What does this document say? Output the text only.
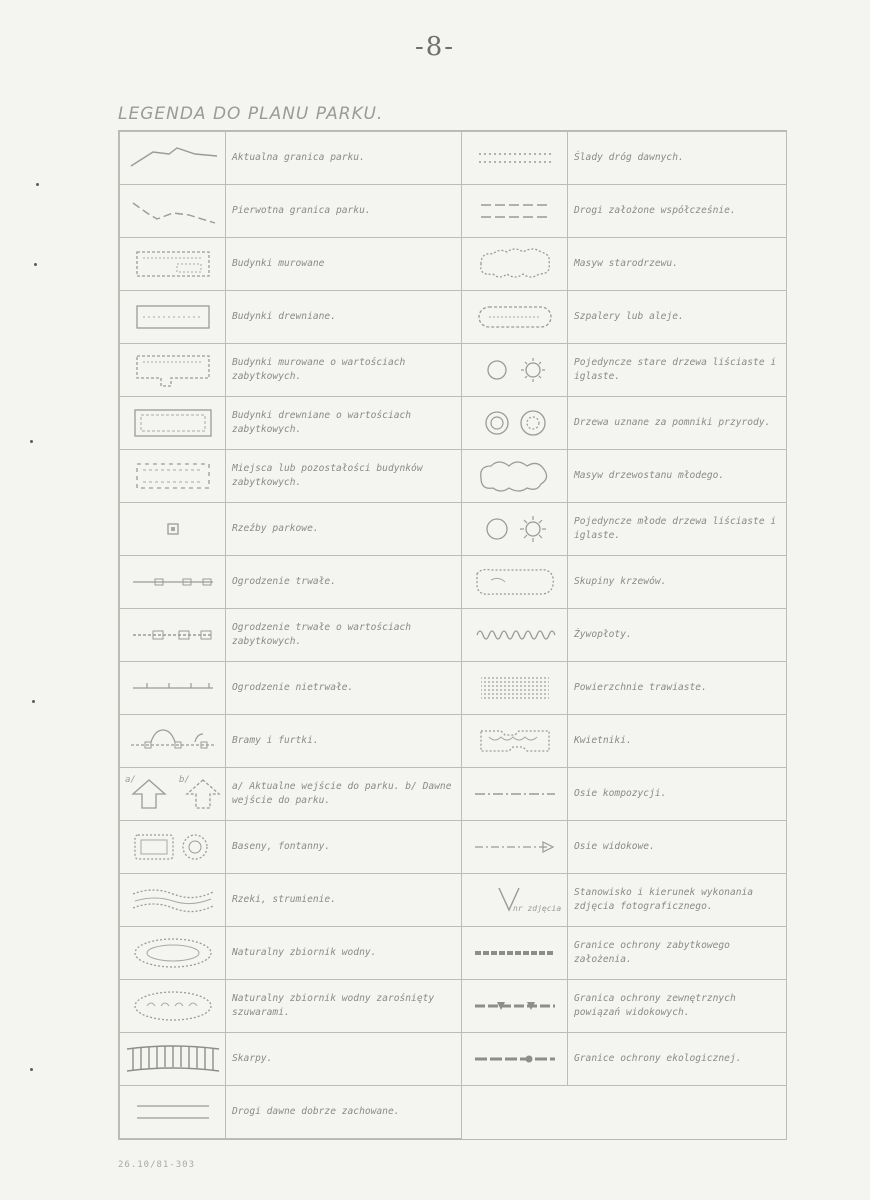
-8-
LEGENDA DO PLANU PARKU.
	Aktualna granica parku.		Ślady dróg dawnych.

	Pierwotna granica parku.		Drogi założone współcześnie.

	Budynki murowane		Masyw starodrzewu.

	Budynki drewniane.		Szpalery lub aleje.

	Budynki murowane o wartościach zabytkowych.		Pojedyncze stare drzewa liściaste i iglaste.

	Budynki drewniane o wartościach zabytkowych.		Drzewa uznane za pomniki przyrody.

	Miejsca lub pozostałości budynków zabytkowych.		Masyw drzewostanu młodego.

	Rzeźby parkowe.		Pojedyncze młode drzewa liściaste i iglaste.

	Ogrodzenie trwałe.		Skupiny krzewów.

	Ogrodzenie trwałe o wartościach zabytkowych.		Żywopłoty.

	Ogrodzenie nietrwałe.		Powierzchnie trawiaste.

	Bramy i furtki.		Kwietniki.

a/ b/	a/ Aktualne wejście do parku. b/ Dawne wejście do parku.		Osie kompozycji.

	Baseny, fontanny.		Osie widokowe.

	Rzeki, strumienie.	nr zdjęcia	Stanowisko i kierunek wykonania zdjęcia fotograficznego.

	Naturalny zbiornik wodny.		Granice ochrony zabytkowego założenia.

	Naturalny zbiornik wodny zarośnięty szuwarami.		Granica ochrony zewnętrznych powiązań widokowych.

	Skarpy.		Granice ochrony ekologicznej.

	Drogi dawne dobrze zachowane.		
26.10/81-303
